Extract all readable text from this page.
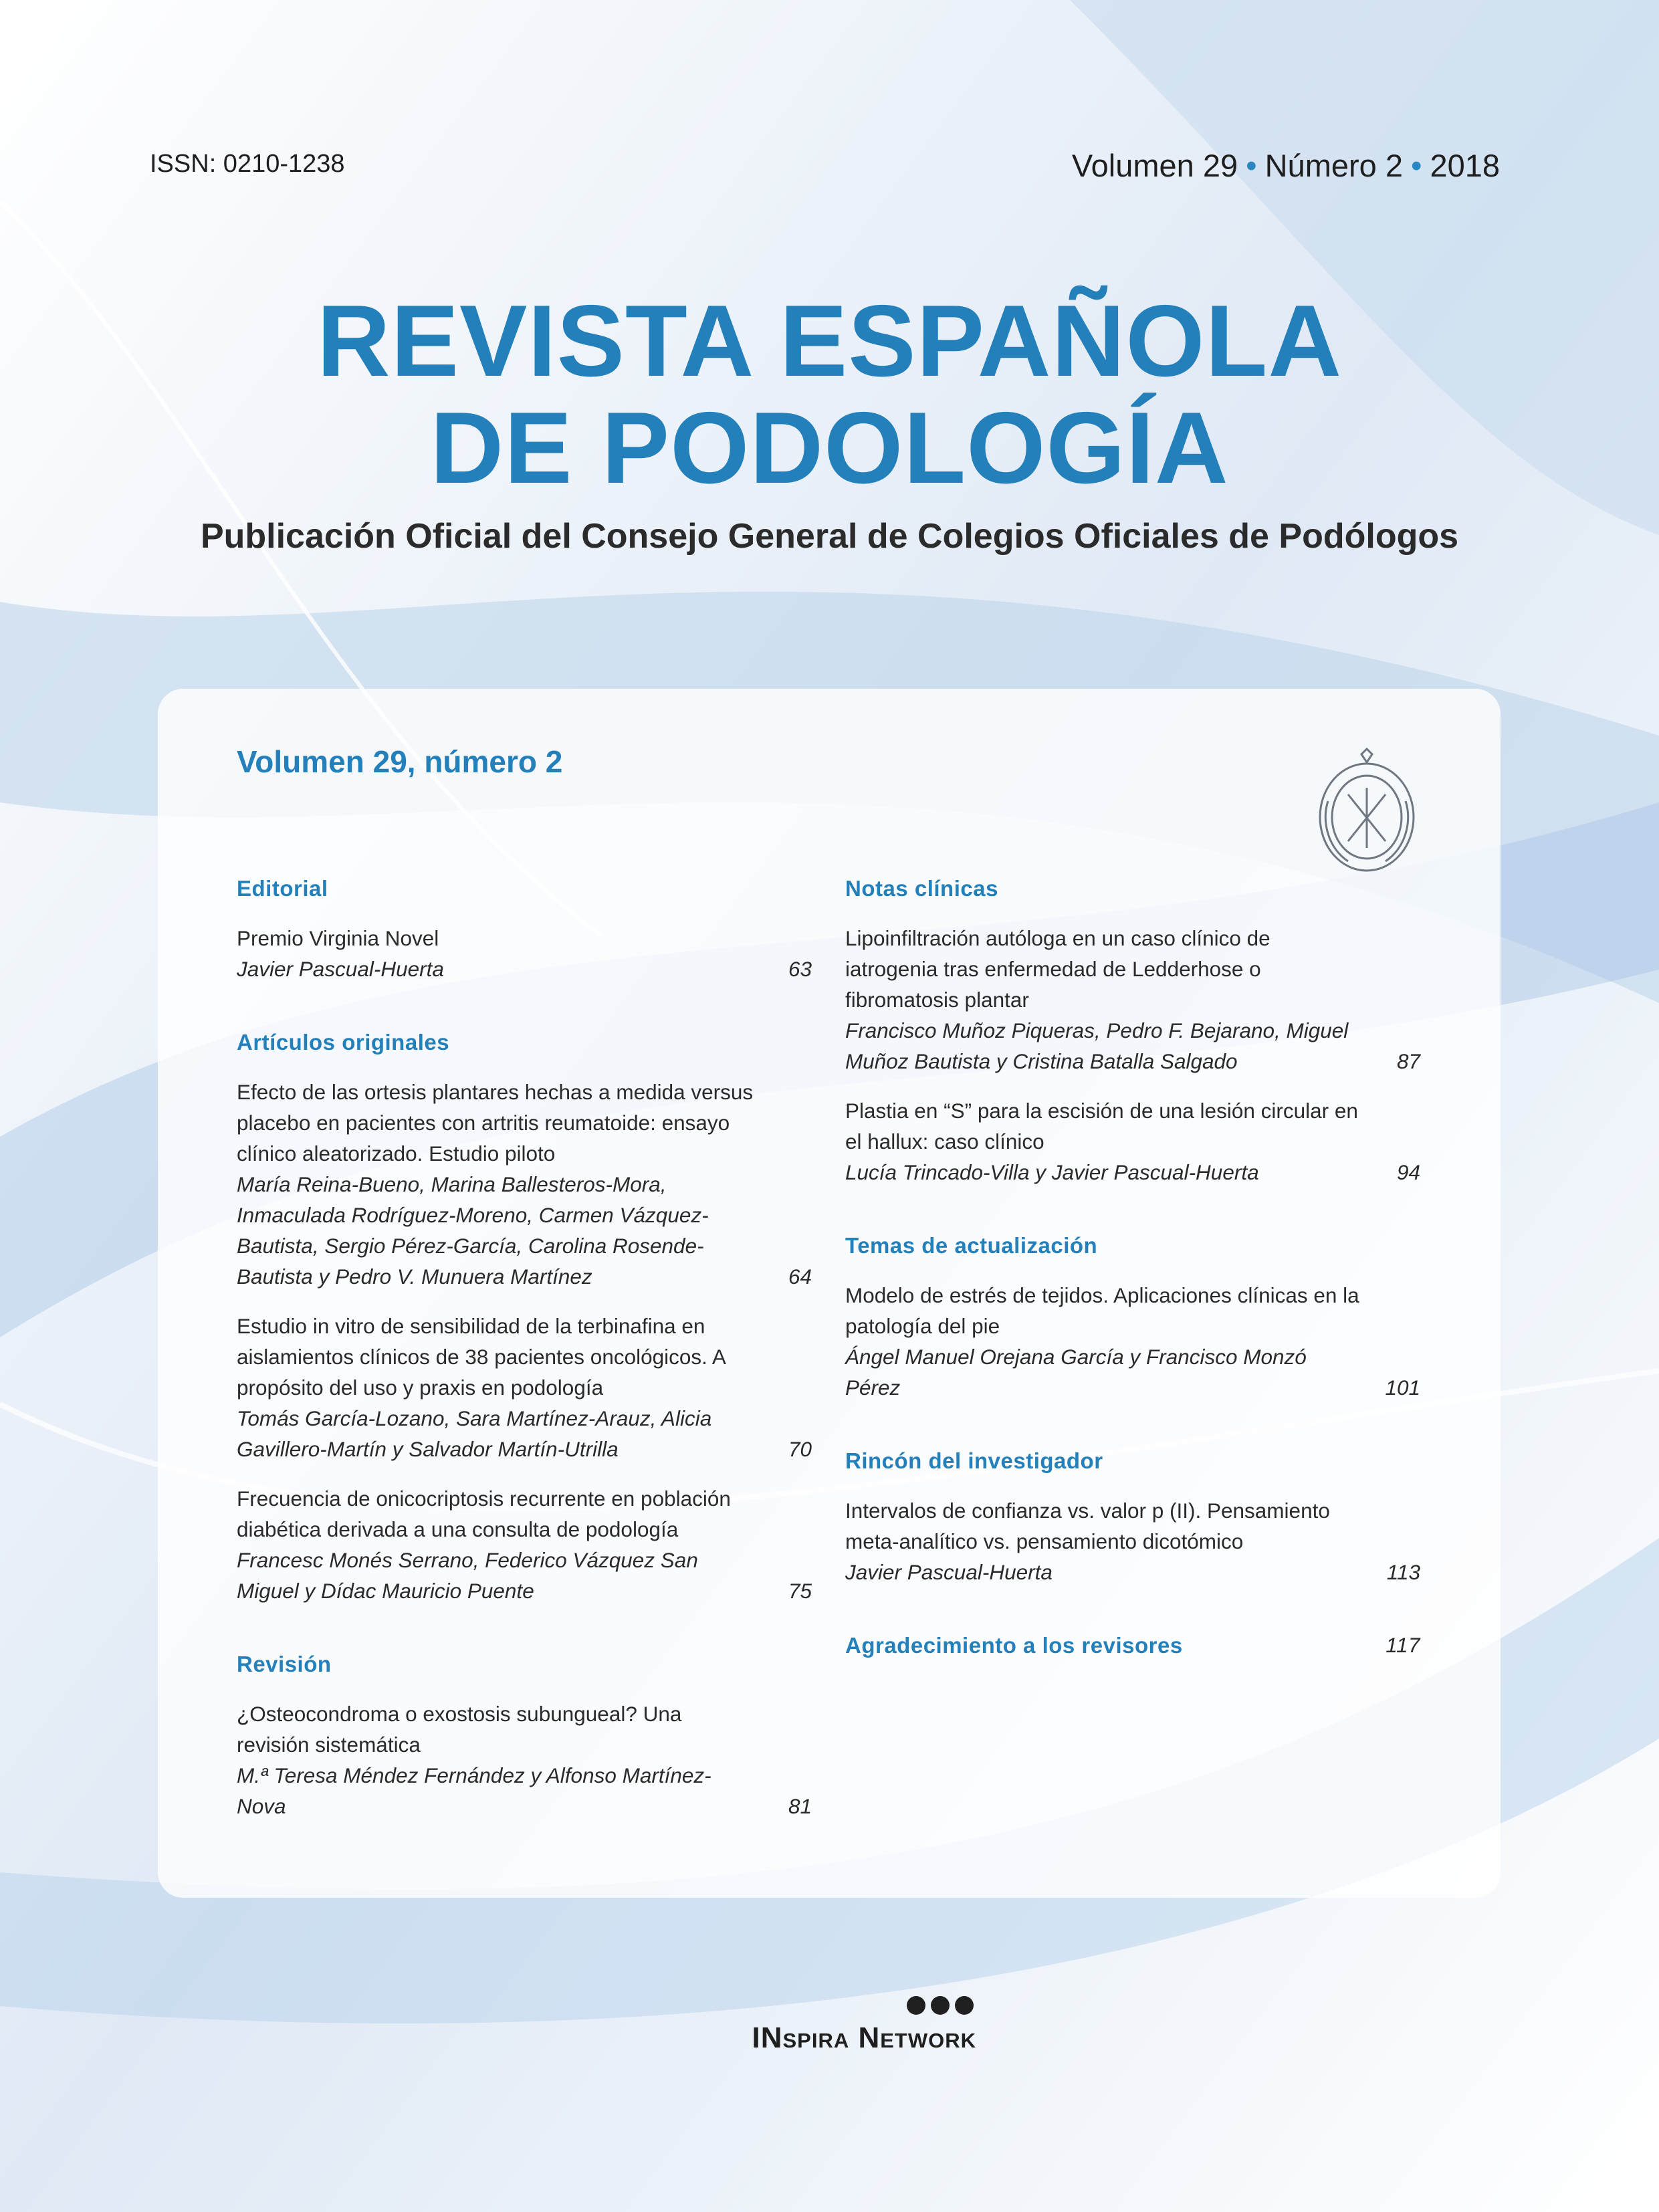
ISSN: 0210-1238	Volumen 29 • Número 2 • 2018
REVISTA ESPAÑOLA
DE PODOLOGÍA
Publicación Oficial del Consejo General de Colegios Oficiales de Podólogos
Volumen 29, número 2
Editorial
Premio Virginia Novel
Javier Pascual-Huerta	63
Artículos originales
Efecto de las ortesis plantares hechas a medida versus placebo en pacientes con artritis reumatoide: ensayo clínico aleatorizado. Estudio piloto
María Reina-Bueno, Marina Ballesteros-Mora, Inmaculada Rodríguez-Moreno, Carmen Vázquez-Bautista, Sergio Pérez-García, Carolina Rosende-Bautista y Pedro V. Munuera Martínez	64
Estudio in vitro de sensibilidad de la terbinafina en aislamientos clínicos de 38 pacientes oncológicos. A propósito del uso y praxis en podología
Tomás García-Lozano, Sara Martínez-Arauz, Alicia Gavillero-Martín y Salvador Martín-Utrilla	70
Frecuencia de onicocriptosis recurrente en población diabética derivada a una consulta de podología
Francesc Monés Serrano, Federico Vázquez San Miguel y Dídac Mauricio Puente	75
Revisión
¿Osteocondroma o exostosis subungueal? Una revisión sistemática
M.ª Teresa Méndez Fernández y Alfonso Martínez-Nova	81
Notas clínicas
Lipoinfiltración autóloga en un caso clínico de iatrogenia tras enfermedad de Ledderhose o fibromatosis plantar
Francisco Muñoz Piqueras, Pedro F. Bejarano, Miguel Muñoz Bautista y Cristina Batalla Salgado	87
Plastia en “S” para la escisión de una lesión circular en el hallux: caso clínico
Lucía Trincado-Villa y Javier Pascual-Huerta	94
Temas de actualización
Modelo de estrés de tejidos. Aplicaciones clínicas en la patología del pie
Ángel Manuel Orejana García y Francisco Monzó Pérez	101
Rincón del investigador
Intervalos de confianza vs. valor p (II). Pensamiento meta-analítico vs. pensamiento dicotómico
Javier Pascual-Huerta	113
Agradecimiento a los revisores	117
INspira Network
